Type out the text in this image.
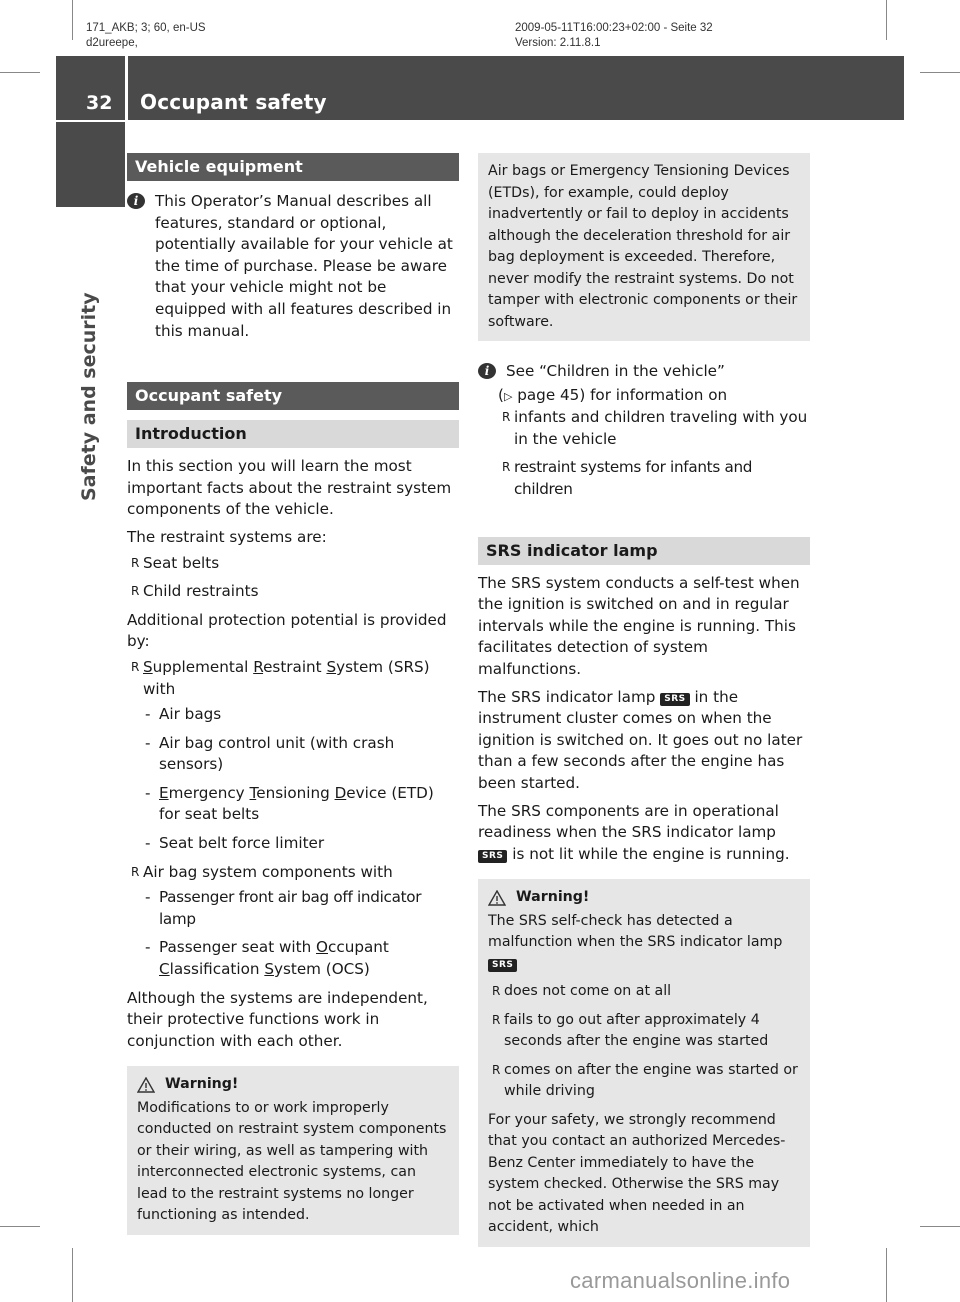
171_AKB; 3; 60, en-US
d2ureepe,
2009-05-11T16:00:23+02:00 - Seite 32
Version: 2.11.8.1
32 Occupant safety
Safety and security
Vehicle equipment
i	This Operator’s Manual describes all features, standard or optional, potentially available for your vehicle at the time of purchase. Please be aware that your vehicle might not be equipped with all features described in this manual.
Occupant safety
Introduction

In this section you will learn the most important facts about the restraint system components of the vehicle.

The restraint systems are:

R Seat belts
R Child restraints

Additional protection potential is provided by:

R Supplemental Restraint System (SRS) with
- Air bags
- Air bag control unit (with crash sensors)
- Emergency Tensioning Device (ETD) for seat belts
- Seat belt force limiter
R Air bag system components with
- Passenger front air bag off indicator lamp
- Passenger seat with Occupant Classification System (OCS)

Although the systems are independent, their protective functions work in conjunction with each other.

Warning!
Modifications to or work improperly conducted on restraint system components or their wiring, as well as tampering with interconnected electronic systems, can lead to the restraint systems no longer functioning as intended.
Air bags or Emergency Tensioning Devices (ETDs), for example, could deploy inadvertently or fail to deploy in accidents although the deceleration threshold for air bag deployment is exceeded. Therefore, never modify the restraint systems. Do not tamper with electronic components or their software.
i	See “Children in the vehicle”
(▷ page 45) for information on
R infants and children traveling with you in the vehicle
R restraint systems for infants and children
SRS indicator lamp

The SRS system conducts a self-test when the ignition is switched on and in regular intervals while the engine is running. This facilitates detection of system malfunctions.

The SRS indicator lamp SRS in the instrument cluster comes on when the ignition is switched on. It goes out no later than a few seconds after the engine has been started.

The SRS components are in operational readiness when the SRS indicator lamp SRS is not lit while the engine is running.

Warning!
The SRS self-check has detected a malfunction when the SRS indicator lamp
SRS
R does not come on at all
R fails to go out after approximately 4 seconds after the engine was started
R comes on after the engine was started or while driving
For your safety, we strongly recommend that you contact an authorized Mercedes-Benz Center immediately to have the system checked. Otherwise the SRS may not be activated when needed in an accident, which
carmanualsonline.info
